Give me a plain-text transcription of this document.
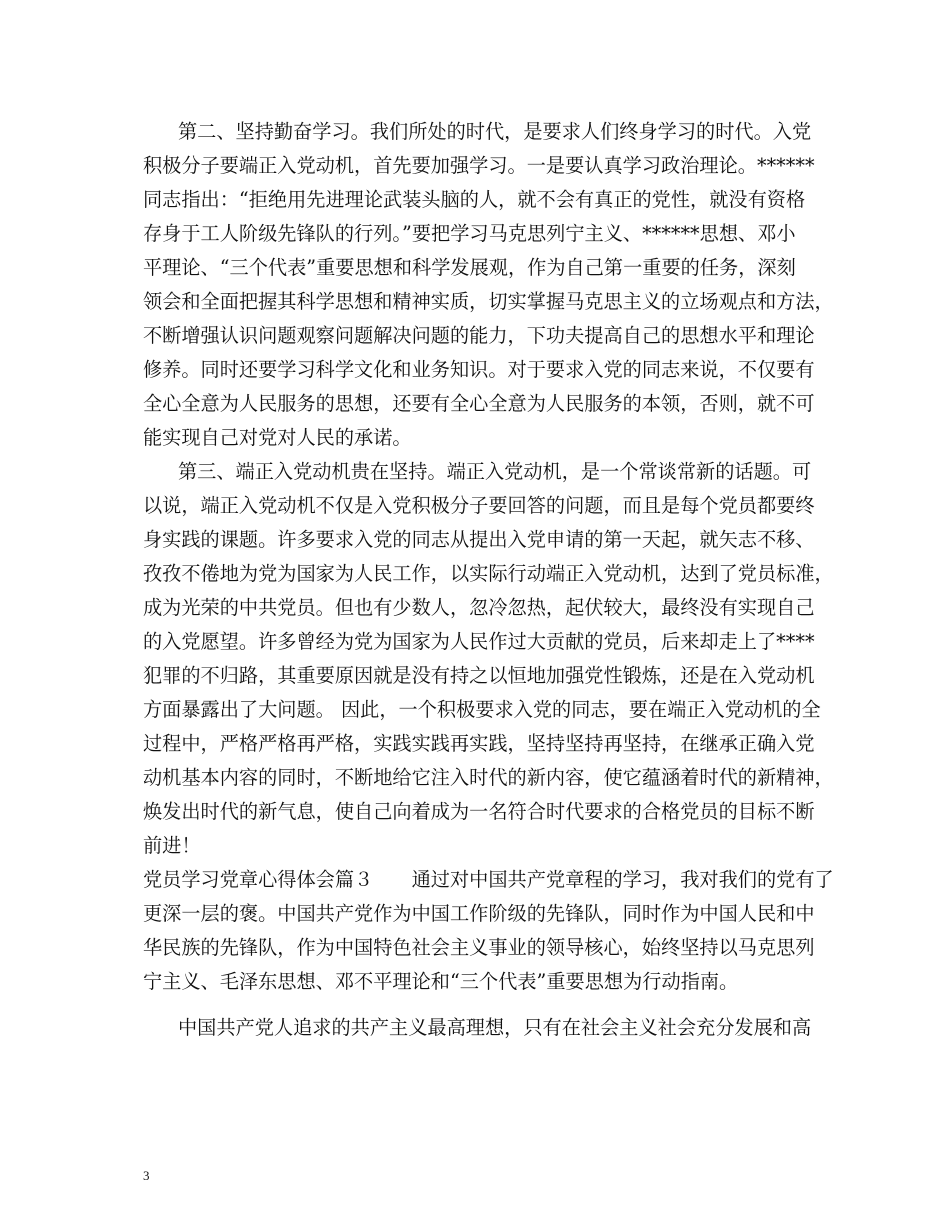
第二、坚持勤奋学习。我们所处的时代，是要求人们终身学习的时代。入党
积极分子要端正入党动机，首先要加强学习。一是要认真学习政治理论。******
同志指出：“拒绝用先进理论武装头脑的人，就不会有真正的党性，就没有资格
存身于工人阶级先锋队的行列。”要把学习马克思列宁主义、******思想、邓小
平理论、“三个代表”重要思想和科学发展观，作为自己第一重要的任务，深刻
领会和全面把握其科学思想和精神实质，切实掌握马克思主义的立场观点和方法，
不断增强认识问题观察问题解决问题的能力，下功夫提高自己的思想水平和理论
修养。同时还要学习科学文化和业务知识。对于要求入党的同志来说，不仅要有
全心全意为人民服务的思想，还要有全心全意为人民服务的本领，否则，就不可
能实现自己对党对人民的承诺。
第三、端正入党动机贵在坚持。端正入党动机，是一个常谈常新的话题。可
以说，端正入党动机不仅是入党积极分子要回答的问题，而且是每个党员都要终
身实践的课题。许多要求入党的同志从提出入党申请的第一天起，就矢志不移、
孜孜不倦地为党为国家为人民工作，以实际行动端正入党动机，达到了党员标准，
成为光荣的中共党员。但也有少数人，忽冷忽热，起伏较大，最终没有实现自己
的入党愿望。许多曾经为党为国家为人民作过大贡献的党员，后来却走上了****
犯罪的不归路，其重要原因就是没有持之以恒地加强党性锻炼，还是在入党动机
方面暴露出了大问题。 因此，一个积极要求入党的同志，要在端正入党动机的全
过程中，严格严格再严格，实践实践再实践，坚持坚持再坚持，在继承正确入党
动机基本内容的同时，不断地给它注入时代的新内容，使它蕴涵着时代的新精神，
焕发出时代的新气息，使自己向着成为一名符合时代要求的合格党员的目标不断
前进！
党员学习党章心得体会篇３　　通过对中国共产党章程的学习，我对我们的党有了
更深一层的褒。中国共产党作为中国工作阶级的先锋队，同时作为中国人民和中
华民族的先锋队，作为中国特色社会主义事业的领导核心，始终坚持以马克思列
宁主义、毛泽东思想、邓不平理论和“三个代表”重要思想为行动指南。
中国共产党人追求的共产主义最高理想，只有在社会主义社会充分发展和高
3
